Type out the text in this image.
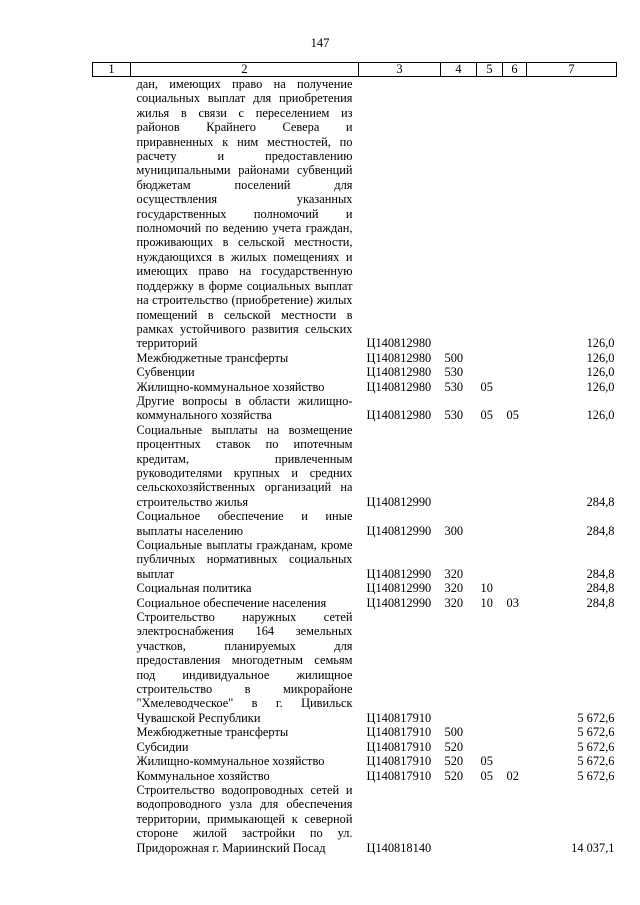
147
1	2	3	4	5	6	7
	дан, имеющих право на получение социальных выплат для приобретения жилья в связи с переселением из районов Крайнего Севера и приравненных к ним местностей, по расчету и предоставлению муниципальными районами субвенций бюджетам поселений для осуществления указанных государственных полномочий и полномочий по ведению учета граждан, проживающих в сельской местности, нуждающихся в жилых помещениях и имеющих право на государственную поддержку в форме социальных выплат на строительство (приобретение) жилых помещений в сельской местности в рамках устойчивого развития сельских территорий	Ц140812980				126,0
	Межбюджетные трансферты	Ц140812980	500			126,0
	Субвенции	Ц140812980	530			126,0
	Жилищно-коммунальное хозяйство	Ц140812980	530	05		126,0
	Другие вопросы в области жилищно-коммунального хозяйства	Ц140812980	530	05	05	126,0
	Социальные выплаты на возмещение процентных ставок по ипотечным кредитам, привлеченным руководителями крупных и средних сельскохозяйственных организаций на строительство жилья	Ц140812990				284,8
	Социальное обеспечение и иные выплаты населению	Ц140812990	300			284,8
	Социальные выплаты гражданам, кроме публичных нормативных социальных выплат	Ц140812990	320			284,8
	Социальная политика	Ц140812990	320	10		284,8
	Социальное обеспечение населения	Ц140812990	320	10	03	284,8
	Строительство наружных сетей электроснабжения 164 земельных участков, планируемых для предоставления многодетным семьям под индивидуальное жилищное строительство в микрорайоне "Хмелеводческое" в г. Цивильск Чувашской Республики	Ц140817910				5 672,6
	Межбюджетные трансферты	Ц140817910	500			5 672,6
	Субсидии	Ц140817910	520			5 672,6
	Жилищно-коммунальное хозяйство	Ц140817910	520	05		5 672,6
	Коммунальное хозяйство	Ц140817910	520	05	02	5 672,6
	Строительство водопроводных сетей и водопроводного узла для обеспечения территории, примыкающей к северной стороне жилой застройки по ул. Придорожная г. Мариинский Посад	Ц140818140				14 037,1
